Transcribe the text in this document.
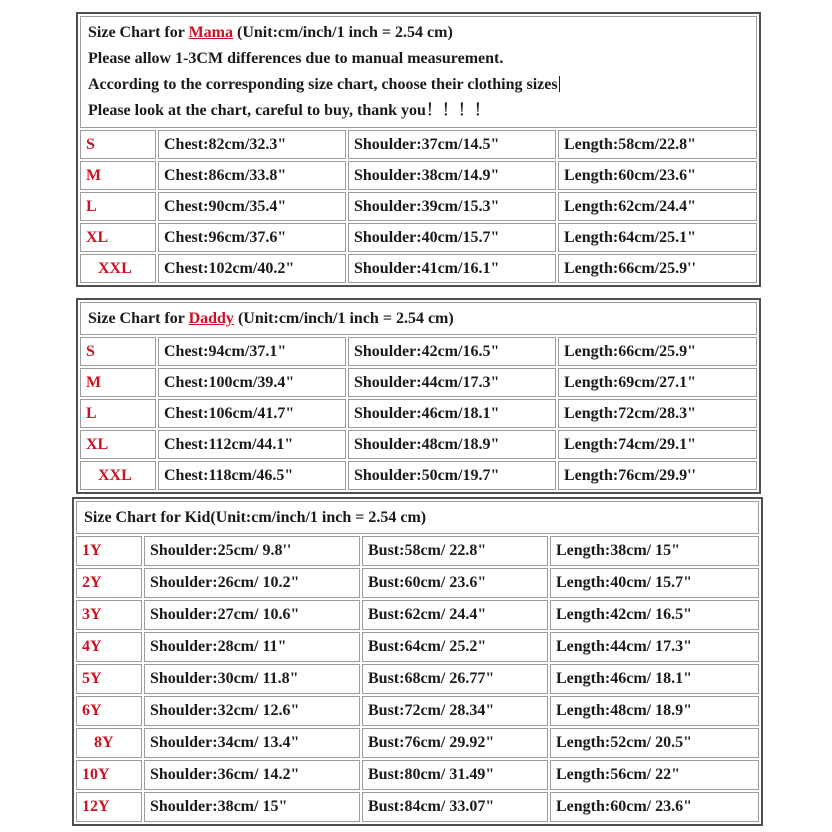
Size Chart for Mama (Unit:cm/inch/1 inch = 2.54 cm)

Please allow 1-3CM differences due to manual measurement.

According to the corresponding size chart, choose their clothing sizes

Please look at the chart, careful to buy, thank you！！！！			

S	Chest:82cm/32.3"	Shoulder:37cm/14.5"	Length:58cm/22.8"
M	Chest:86cm/33.8"	Shoulder:38cm/14.9"	Length:60cm/23.6"
L	Chest:90cm/35.4"	Shoulder:39cm/15.3"	Length:62cm/24.4"
XL	Chest:96cm/37.6"	Shoulder:40cm/15.7"	Length:64cm/25.1"
XXL	Chest:102cm/40.2"	Shoulder:41cm/16.1"	Length:66cm/25.9''

Size Chart for Daddy (Unit:cm/inch/1 inch = 2.54 cm)			

S	Chest:94cm/37.1"	Shoulder:42cm/16.5"	Length:66cm/25.9"
M	Chest:100cm/39.4"	Shoulder:44cm/17.3"	Length:69cm/27.1"
L	Chest:106cm/41.7"	Shoulder:46cm/18.1"	Length:72cm/28.3"
XL	Chest:112cm/44.1"	Shoulder:48cm/18.9"	Length:74cm/29.1"
XXL	Chest:118cm/46.5"	Shoulder:50cm/19.7"	Length:76cm/29.9''

Size Chart for Kid(Unit:cm/inch/1 inch = 2.54 cm)			

1Y	Shoulder:25cm/ 9.8''	Bust:58cm/ 22.8"	Length:38cm/ 15"
2Y	Shoulder:26cm/ 10.2"	Bust:60cm/ 23.6"	Length:40cm/ 15.7"
3Y	Shoulder:27cm/ 10.6"	Bust:62cm/ 24.4"	Length:42cm/ 16.5"
4Y	Shoulder:28cm/ 11"	Bust:64cm/ 25.2"	Length:44cm/ 17.3"
5Y	Shoulder:30cm/ 11.8"	Bust:68cm/ 26.77"	Length:46cm/ 18.1"
6Y	Shoulder:32cm/ 12.6"	Bust:72cm/ 28.34"	Length:48cm/ 18.9"
8Y	Shoulder:34cm/ 13.4"	Bust:76cm/ 29.92"	Length:52cm/ 20.5"
10Y	Shoulder:36cm/ 14.2"	Bust:80cm/ 31.49"	Length:56cm/ 22"
12Y	Shoulder:38cm/ 15"	Bust:84cm/ 33.07"	Length:60cm/ 23.6"
